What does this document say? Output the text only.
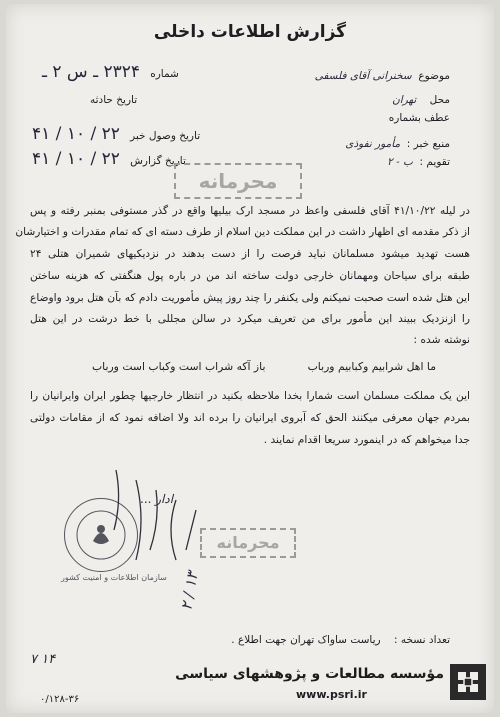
گزارش اطلاعات داخلی
موضوع  سخنرانی آقای فلسفی
محل    تهران
عطف بشماره
منبع خبر :  مأمور نفوذی
تقویم :  ب - ۲
شماره  ۲۳۲۴ ـ س ۲ ـ
تاریخ حادثه
تاریخ وصول خبر  ۲۲ / ۱۰ / ۴۱
تاریخ گزارش  ۲۲ / ۱۰ / ۴۱
محرمانه
در لیله ۴۱/۱۰/۲۲ آقای فلسفی واعظ در مسجد ارک بیلیها واقع در گذر مستوفی بمنبر رفته و پس
از ذکر مقدمه ای اظهار داشت در این مملکت دین اسلام از طرف دسته ای که تمام مقدرات و اختیارشان
هست تهدید میشود مسلمانان نباید فرصت را از دست بدهند در نزدیکیهای شمیران هتلی ۲۴
طبقه برای سیاحان ومهمانان خارجی دولت ساخته اند من در باره پول هنگفتی که هزینه ساختن
این هتل شده است صحبت نمیکنم ولی یکنفر را چند روز پیش مأموریت دادم که بآن هتل برود واوضاع
را ازنزدیک ببیند این مأمور برای من تعریف میکرد در سالن مجللی با خط درشت در این هتل
نوشته شده :
ما اهل شرابیم وکبابیم ورباب
باز آکه شراب است وکباب است ورباب
این یک مملکت مسلمان است شمارا بخدا ملاحظه بکنید در انتظار خارجیها چطور ایران وایرانیان را
بمردم جهان معرفی میکنند الحق که آبروی ایرانیان را برده اند ولا اضافه نمود که از مقامات دولتی
جدا میخواهم که در اینمورد سریعا اقدام نمایند .
سازمان اطلاعات و امنیت کشور
ادار ...
محرمانه
۲ / ۱۳
تعداد نسخه :    ریاست ساواک تهران جهت اطلاع .
۷ ۱۴
۰/۱۲۸-۳۶
مؤسسه مطالعات و پژوهشهای سیاسی
www.psri.ir
